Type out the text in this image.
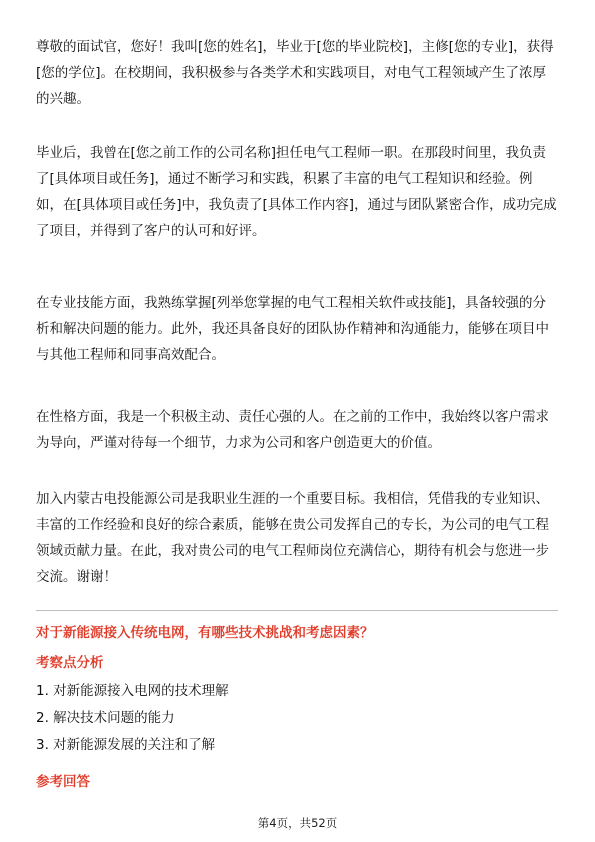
尊敬的面试官，您好！我叫[您的姓名]，毕业于[您的毕业院校]，主修[您的专业]，获得[您的学位]。在校期间，我积极参与各类学术和实践项目，对电气工程领域产生了浓厚的兴趣。

毕业后，我曾在[您之前工作的公司名称]担任电气工程师一职。在那段时间里，我负责了[具体项目或任务]，通过不断学习和实践，积累了丰富的电气工程知识和经验。例如，在[具体项目或任务]中，我负责了[具体工作内容]，通过与团队紧密合作，成功完成了项目，并得到了客户的认可和好评。

在专业技能方面，我熟练掌握[列举您掌握的电气工程相关软件或技能]，具备较强的分析和解决问题的能力。此外，我还具备良好的团队协作精神和沟通能力，能够在项目中与其他工程师和同事高效配合。

在性格方面，我是一个积极主动、责任心强的人。在之前的工作中，我始终以客户需求为导向，严谨对待每一个细节，力求为公司和客户创造更大的价值。

加入内蒙古电投能源公司是我职业生涯的一个重要目标。我相信，凭借我的专业知识、丰富的工作经验和良好的综合素质，能够在贵公司发挥自己的专长，为公司的电气工程领域贡献力量。在此，我对贵公司的电气工程师岗位充满信心，期待有机会与您进一步交流。谢谢！

对于新能源接入传统电网，有哪些技术挑战和考虑因素？

考察点分析

1. 对新能源接入电网的技术理解
2. 解决技术问题的能力
3. 对新能源发展的关注和了解

参考回答

第4页，共52页
